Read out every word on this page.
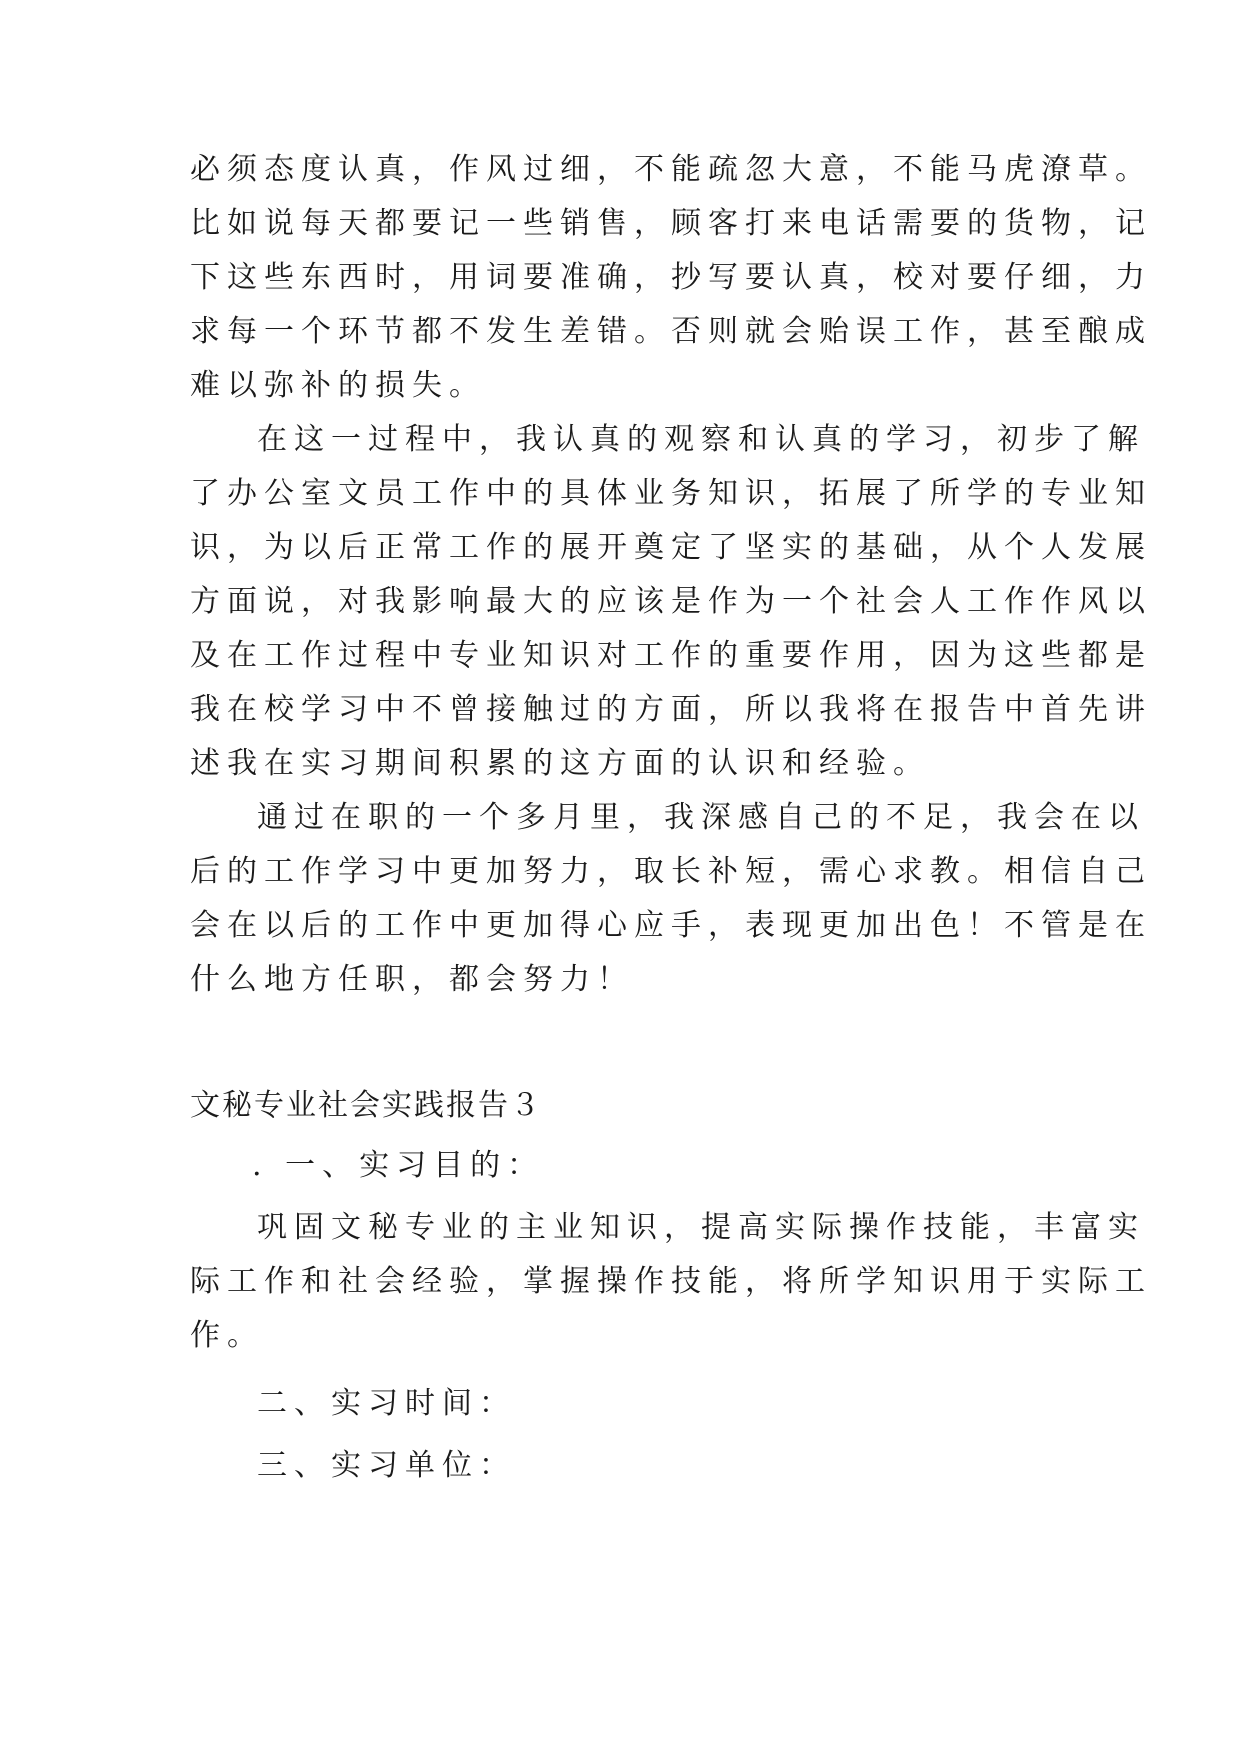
必须态度认真，作风过细，不能疏忽大意，不能马虎潦草。
比如说每天都要记一些销售，顾客打来电话需要的货物，记
下这些东西时，用词要准确，抄写要认真，校对要仔细，力
求每一个环节都不发生差错。否则就会贻误工作，甚至酿成
难以弥补的损失。
在这一过程中，我认真的观察和认真的学习，初步了解
了办公室文员工作中的具体业务知识，拓展了所学的专业知
识，为以后正常工作的展开奠定了坚实的基础，从个人发展
方面说，对我影响最大的应该是作为一个社会人工作作风以
及在工作过程中专业知识对工作的重要作用，因为这些都是
我在校学习中不曾接触过的方面，所以我将在报告中首先讲
述我在实习期间积累的这方面的认识和经验。
通过在职的一个多月里，我深感自己的不足，我会在以
后的工作学习中更加努力，取长补短，需心求教。相信自己
会在以后的工作中更加得心应手，表现更加出色！不管是在
什么地方任职，都会努力！
文秘专业社会实践报告３
. 一、实习目的：
巩固文秘专业的主业知识，提高实际操作技能，丰富实
际工作和社会经验，掌握操作技能，将所学知识用于实际工
作。
二、实习时间：
三、实习单位：
